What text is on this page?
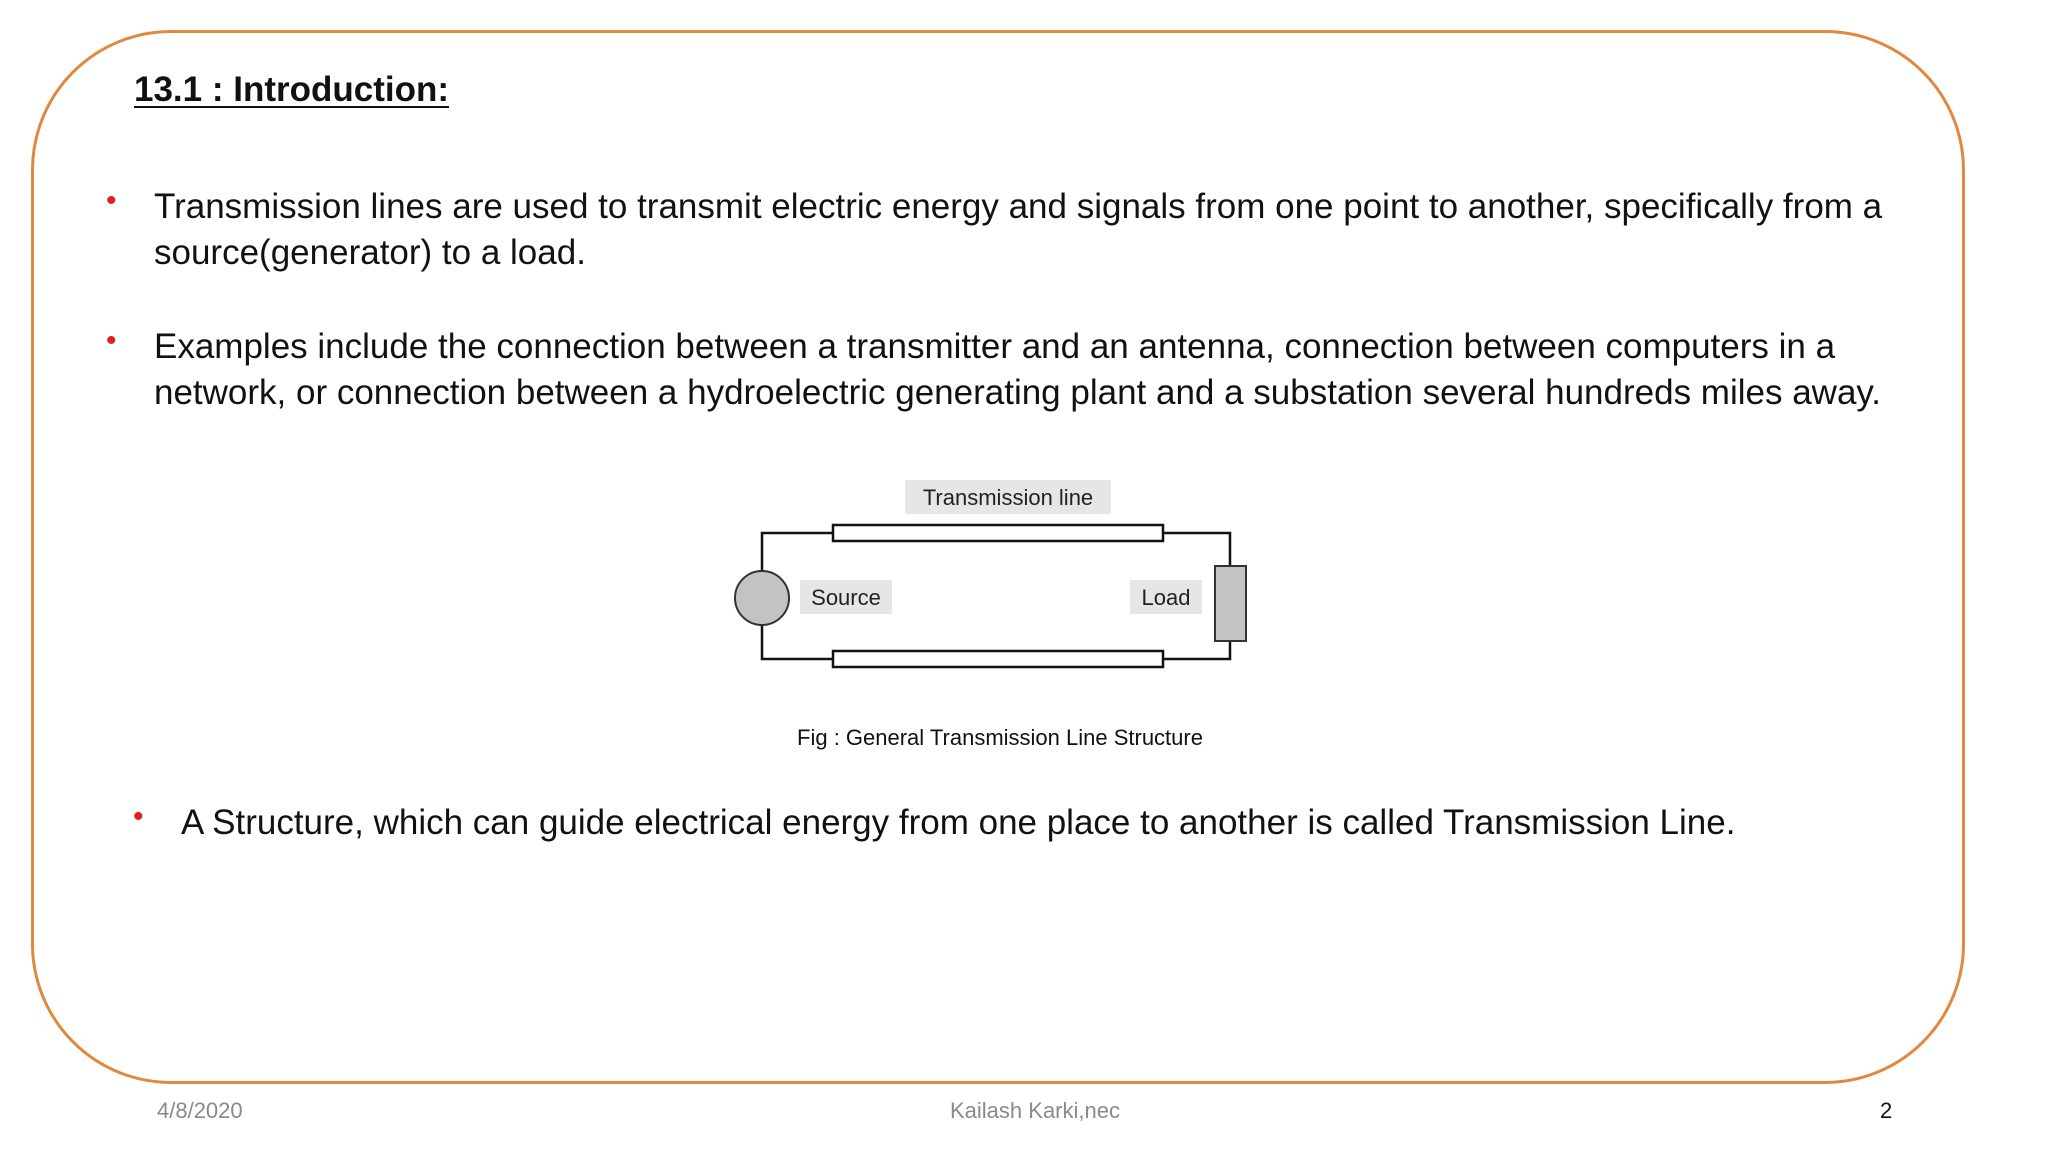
13.1 : Introduction:

• Transmission lines are used to transmit electric energy and signals from one point to another, specifically from a source(generator) to a load.

• Examples include the connection between a transmitter and an antenna, connection between computers in a network, or connection between a hydroelectric generating plant and a substation several hundreds miles away.

Transmission line
Source	Load
Fig : General Transmission Line Structure

• A Structure, which can guide electrical energy from one place to another is called Transmission Line.

4/8/2020	Kailash Karki,nec	2
